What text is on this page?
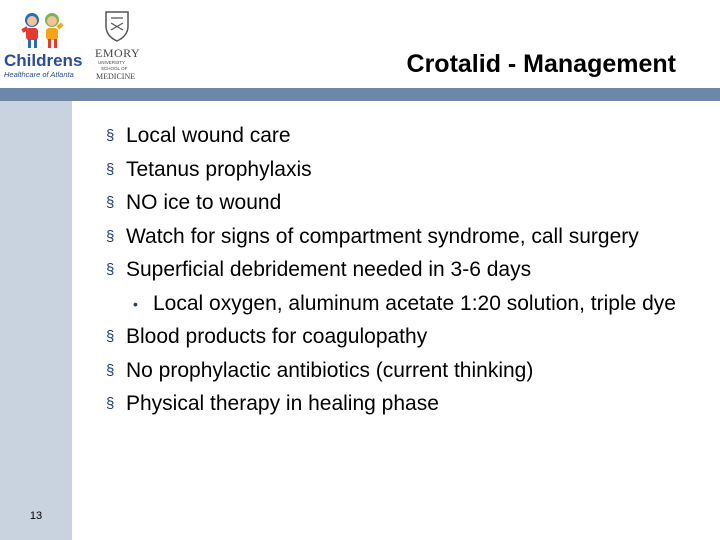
Childrens
Healthcare of Atlanta
EMORY
UNIVERSITY
SCHOOL OF
MEDICINE	Crotalid - Management
13
§ Local wound care
§ Tetanus prophylaxis
§ NO ice to wound
§ Watch for signs of compartment syndrome, call surgery
§ Superficial debridement needed in 3-6 days
• Local oxygen, aluminum acetate 1:20 solution, triple dye
§ Blood products for coagulopathy
§ No prophylactic antibiotics (current thinking)
§ Physical therapy in healing phase
